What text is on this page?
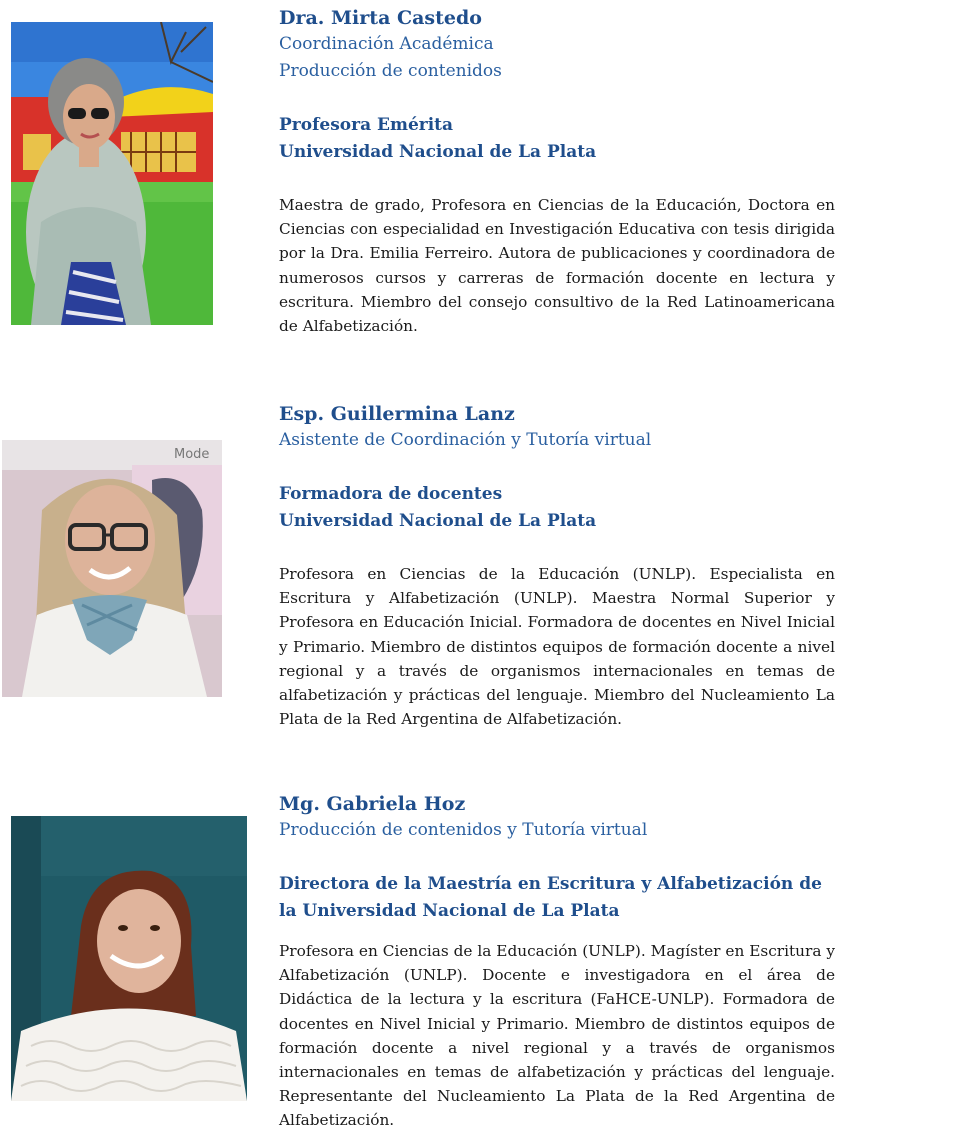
Dra. Mirta Castedo

Coordinación Académica

Producción de contenidos

Profesora Emérita

Universidad Nacional de La Plata

Maestra de grado, Profesora en Ciencias de la Educación, Doctora en Ciencias con especialidad en Investigación Educativa con tesis dirigida por la Dra. Emilia Ferreiro. Autora de publicaciones y coordinadora de numerosos cursos y carreras de formación docente en lectura y escritura. Miembro del consejo consultivo de la Red Latinoamericana de Alfabetización.

Mo​de

Esp. Guillermina Lanz

Asistente de Coordinación y Tutoría virtual

Formadora de docentes

Universidad Nacional de La Plata

Profesora en Ciencias de la Educación (UNLP). Especialista en Escritura y Alfabetización (UNLP). Maestra Normal Superior y Profesora en Educación Inicial. Formadora de docentes en Nivel Inicial y Primario. Miembro de distintos equipos de formación docente a nivel regional y a través de organismos internacionales en temas de alfabetización y prácticas del lenguaje. Miembro del Nucleamiento La Plata de la Red Argentina de Alfabetización.

Mg. Gabriela Hoz

Producción de contenidos y Tutoría virtual

Directora de la Maestría en Escritura y Alfabetización de la Universidad Nacional de La Plata

Profesora en Ciencias de la Educación (UNLP). Magíster en Escritura y Alfabetización (UNLP). Docente e investigadora en el área de Didáctica de la lectura y la escritura (FaHCE-UNLP). Formadora de docentes en Nivel Inicial y Primario. Miembro de distintos equipos de formación docente a nivel regional y a través de organismos internacionales en temas de alfabetización y prácticas del lenguaje. Representante del Nucleamiento La Plata de la Red Argentina de Alfabetización.
